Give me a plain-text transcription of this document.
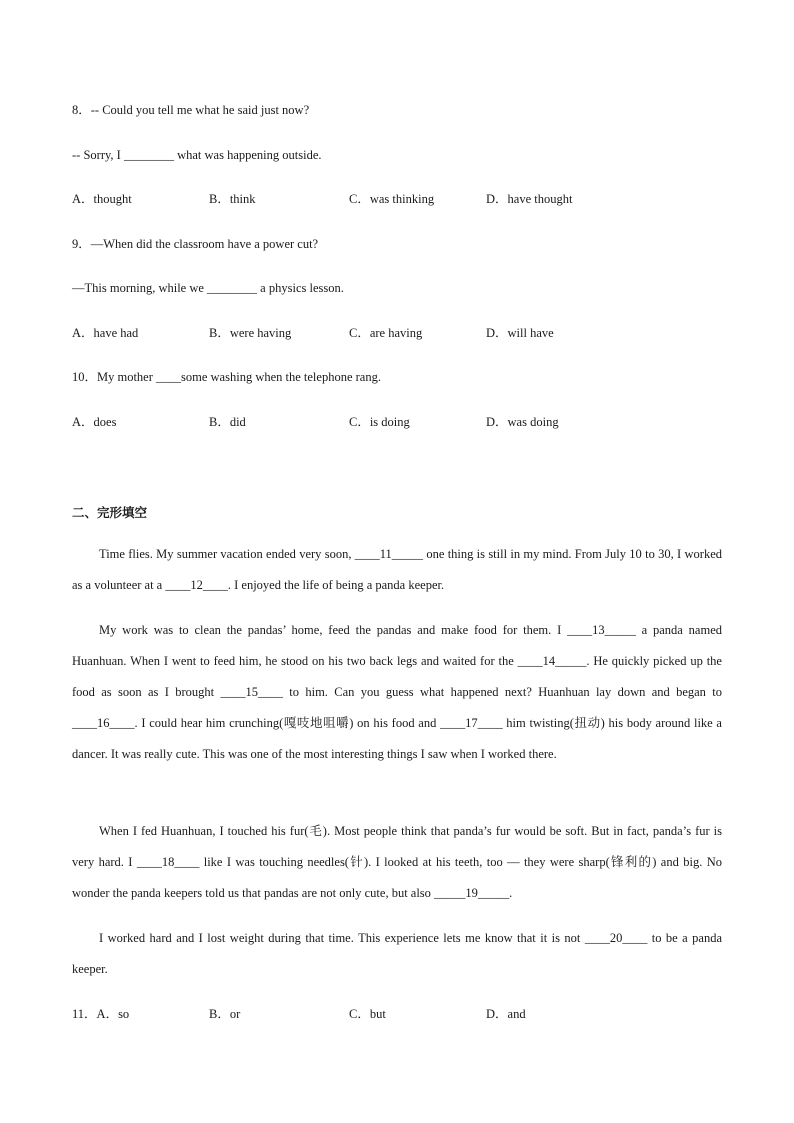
8．-- Could you tell me what he said just now?
-- Sorry, I ________ what was happening outside.
A．thought	B．think	C．was thinking	D．have thought
9．—When did the classroom have a power cut?
—This morning, while we ________ a physics lesson.
A．have had	B．were having	C．are having	D．will have
10．My mother ____some washing when the telephone rang.
A．does	B．did	C．is doing	D．was doing
二、完形填空
Time flies. My summer vacation ended very soon, ____11_____ one thing is still in my mind. From July 10 to 30, I worked as a volunteer at a ____12____. I enjoyed the life of being a panda keeper.
My work was to clean the pandas’ home, feed the pandas and make food for them. I ____13_____ a panda named Huanhuan. When I went to feed him, he stood on his two back legs and waited for the ____14_____. He quickly picked up the food as soon as I brought ____15____ to him. Can you guess what happened next? Huanhuan lay down and began to ____16____. I could hear him crunching(嘎吱地咀嚼) on his food and ____17____ him twisting(扭动) his body around like a dancer. It was really cute. This was one of the most interesting things I saw when I worked there.
When I fed Huanhuan, I touched his fur(毛). Most people think that panda’s fur would be soft. But in fact, panda’s fur is very hard. I ____18____ like I was touching needles(针). I looked at his teeth, too — they were sharp(锋利的) and big. No wonder the panda keepers told us that pandas are not only cute, but also _____19_____.
I worked hard and I lost weight during that time. This experience lets me know that it is not ____20____ to be a panda keeper.
11．A．so	B．or	C．but	D．and
